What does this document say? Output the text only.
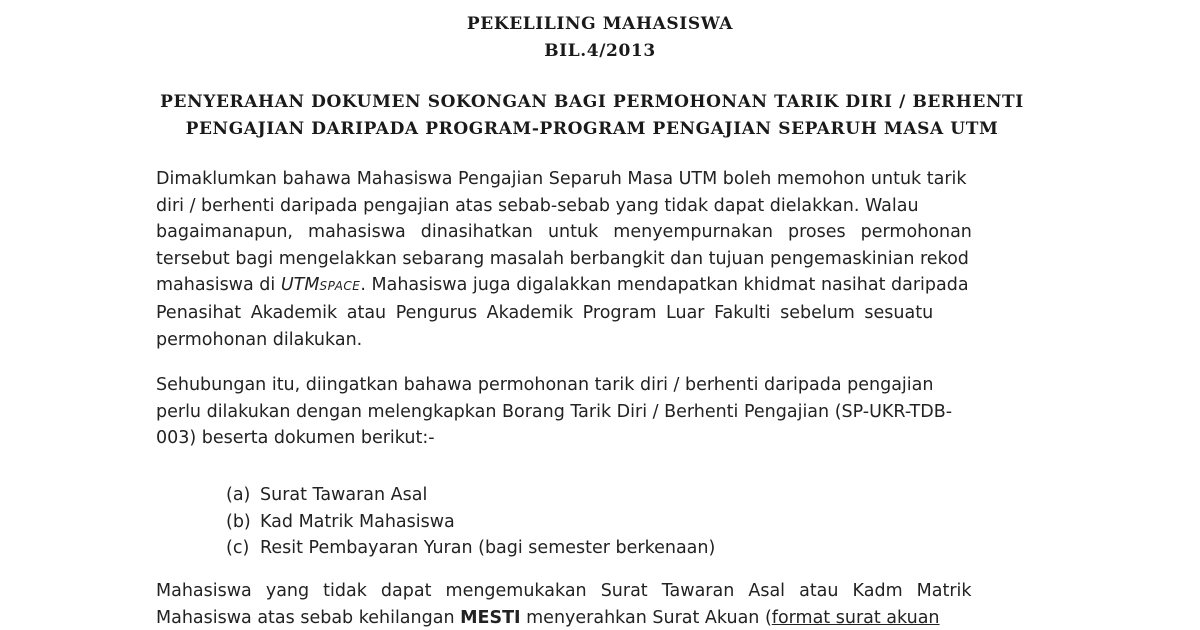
PEKELILING MAHASISWA
BIL.4/2013
PENYERAHAN DOKUMEN SOKONGAN BAGI PERMOHONAN TARIK DIRI / BERHENTI
PENGAJIAN DARIPADA PROGRAM-PROGRAM PENGAJIAN SEPARUH MASA UTM
Dimaklumkan bahawa Mahasiswa Pengajian Separuh Masa UTM boleh memohon untuk tarik
diri / berhenti daripada pengajian atas sebab-sebab yang tidak dapat dielakkan. Walau
bagaimanapun, mahasiswa dinasihatkan untuk menyempurnakan proses permohonan
tersebut bagi mengelakkan sebarang masalah berbangkit dan tujuan pengemaskinian rekod
mahasiswa di UTMSPACE. Mahasiswa juga digalakkan mendapatkan khidmat nasihat daripada
Penasihat Akademik atau Pengurus Akademik Program Luar Fakulti sebelum sesuatu
permohonan dilakukan.
Sehubungan itu, diingatkan bahawa permohonan tarik diri / berhenti daripada pengajian
perlu dilakukan dengan melengkapkan Borang Tarik Diri / Berhenti Pengajian (SP-UKR-TDB-
003) beserta dokumen berikut:-
(a) Surat Tawaran Asal
(b) Kad Matrik Mahasiswa
(c) Resit Pembayaran Yuran (bagi semester berkenaan)
Mahasiswa yang tidak dapat mengemukakan Surat Tawaran Asal atau Kadm Matrik
Mahasiswa atas sebab kehilangan MESTI menyerahkan Surat Akuan (format surat akuan
